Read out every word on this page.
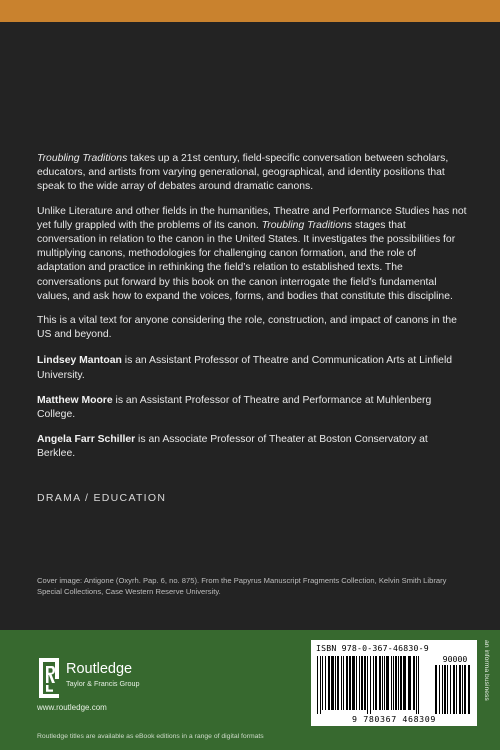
Troubling Traditions takes up a 21st century, field-specific conversation between scholars, educators, and artists from varying generational, geographical, and identity positions that speak to the wide array of debates around dramatic canons.

Unlike Literature and other fields in the humanities, Theatre and Performance Studies has not yet fully grappled with the problems of its canon. Troubling Traditions stages that conversation in relation to the canon in the United States. It investigates the possibilities for multiplying canons, methodologies for challenging canon formation, and the role of adaptation and practice in rethinking the field’s relation to established texts. The conversations put forward by this book on the canon interrogate the field’s fundamental values, and ask how to expand the voices, forms, and bodies that constitute this discipline.

This is a vital text for anyone considering the role, construction, and impact of canons in the US and beyond.

Lindsey Mantoan is an Assistant Professor of Theatre and Communication Arts at Linfield University.

Matthew Moore is an Assistant Professor of Theatre and Performance at Muhlenberg College.

Angela Farr Schiller is an Associate Professor of Theater at Boston Conservatory at Berklee.

DRAMA / EDUCATION
Cover image: Antigone (Oxyrh. Pap. 6, no. 875). From the Papyrus Manuscript Fragments Collection, Kelvin Smith Library Special Collections, Case Western Reserve University.
Routledge
Taylor & Francis Group
www.routledge.com
Routledge titles are available as eBook editions in a range of digital formats
ISBN 978-0-367-46830-9
90000
9 780367 468309
an informa business
